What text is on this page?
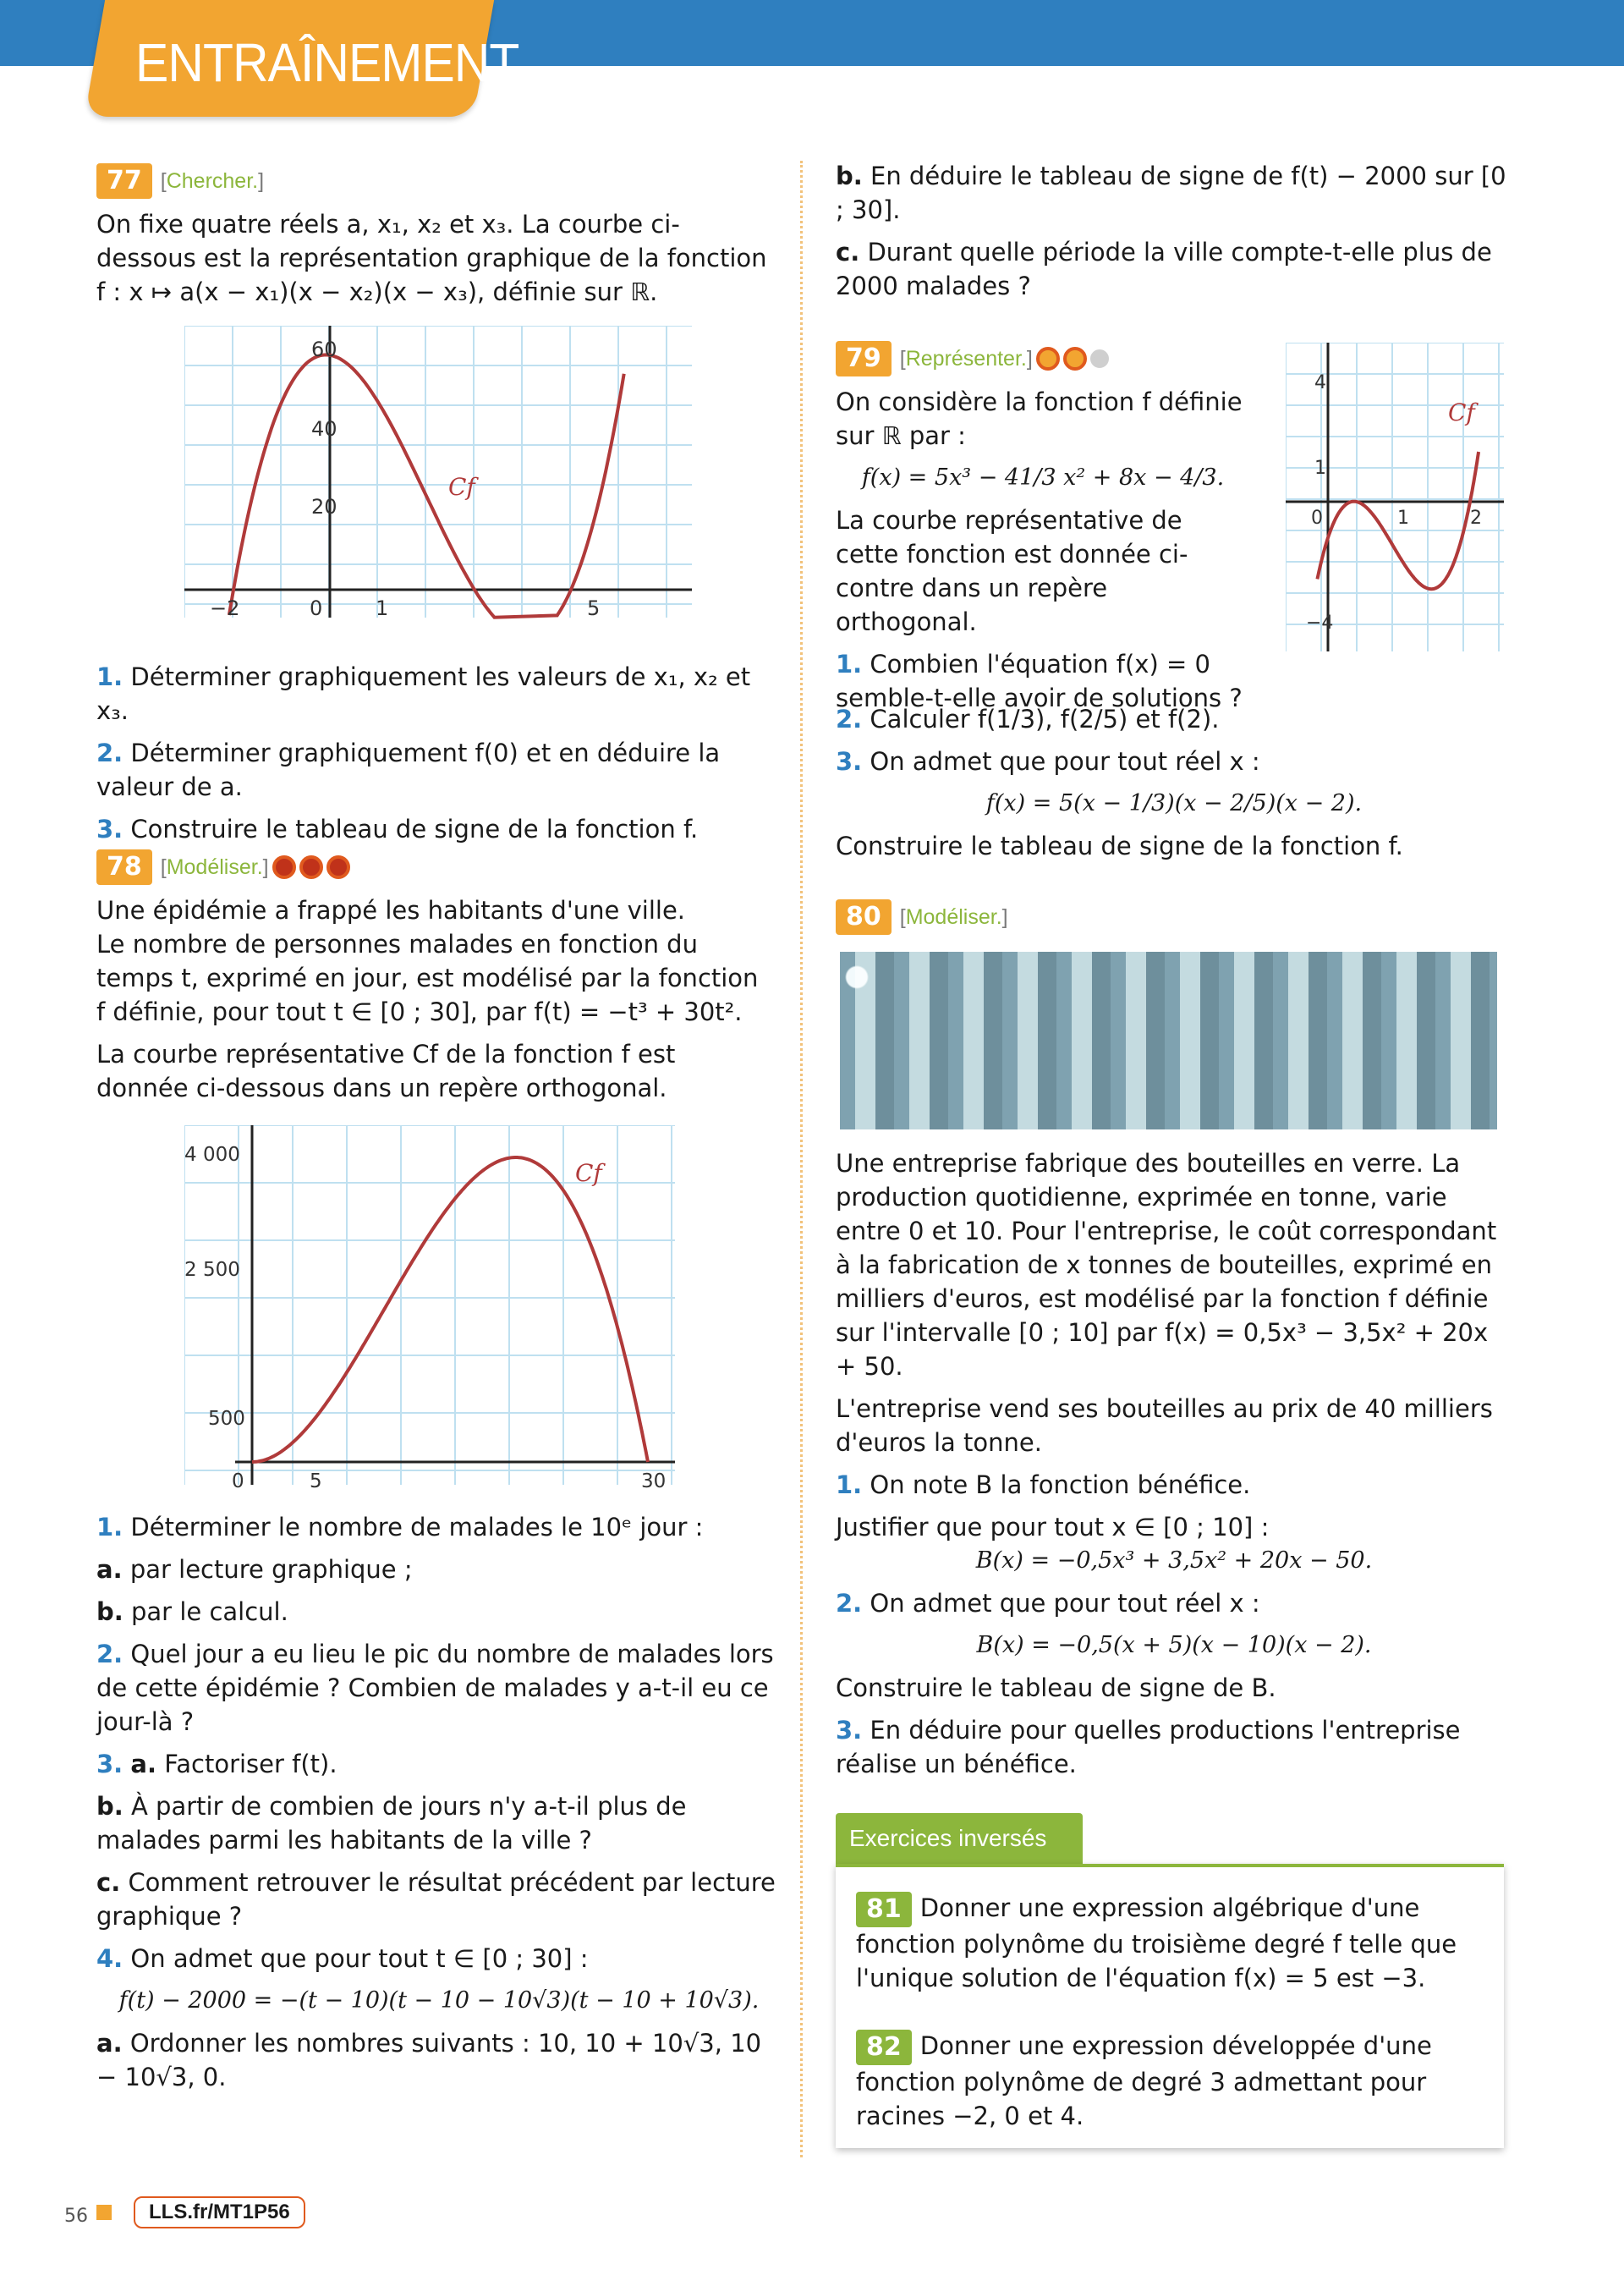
ENTRAÎNEMENT

77 [Chercher.]

On fixe quatre réels a, x₁, x₂ et x₃. La courbe ci-dessous est la représentation graphique de la fonction

f : x ↦ a(x − x₁)(x − x₂)(x − x₃), définie sur ℝ.

60
40
20
−2	0	1	5
Cf

1. Déterminer graphiquement les valeurs de x₁, x₂ et x₃.

2. Déterminer graphiquement f(0) et en déduire la valeur de a.

3. Construire le tableau de signe de la fonction f.

78 [Modéliser.]

Une épidémie a frappé les habitants d'une ville.

Le nombre de personnes malades en fonction du temps t, exprimé en jour, est modélisé par la fonction f définie, pour tout t ∈ [0 ; 30], par f(t) = −t³ + 30t².

La courbe représentative Cf de la fonction f est donnée ci-dessous dans un repère orthogonal.

4 000
2 500
500
0	5	30
Cf

1. Déterminer le nombre de malades le 10ᵉ jour :

a. par lecture graphique ;

b. par le calcul.

2. Quel jour a eu lieu le pic du nombre de malades lors de cette épidémie ? Combien de malades y a-t-il eu ce jour-là ?

3. a. Factoriser f(t).

b. À partir de combien de jours n'y a-t-il plus de malades parmi les habitants de la ville ?

c. Comment retrouver le résultat précédent par lecture graphique ?

4. On admet que pour tout t ∈ [0 ; 30] :

f(t) − 2000 = −(t − 10)(t − 10 − 10√3)(t − 10 + 10√3).

a. Ordonner les nombres suivants : 10, 10 + 10√3, 10 − 10√3, 0.

b. En déduire le tableau de signe de f(t) − 2000 sur [0 ; 30].

c. Durant quelle période la ville compte-t-elle plus de 2000 malades ?

79 [Représenter.]

On considère la fonction f définie sur ℝ par :

f(x) = 5x³ − 41/3 x² + 8x − 4/3.

La courbe représentative de cette fonction est donnée ci-contre dans un repère orthogonal.

1. Combien l'équation f(x) = 0 semble-t-elle avoir de solutions ?

4
1
−4
0	1	2
Cf

2. Calculer f(1/3), f(2/5) et f(2).

3. On admet que pour tout réel x :

f(x) = 5(x − 1/3)(x − 2/5)(x − 2).

Construire le tableau de signe de la fonction f.

80 [Modéliser.]

Une entreprise fabrique des bouteilles en verre. La production quotidienne, exprimée en tonne, varie entre 0 et 10. Pour l'entreprise, le coût correspondant à la fabrication de x tonnes de bouteilles, exprimé en milliers d'euros, est modélisé par la fonction f définie sur l'intervalle [0 ; 10] par f(x) = 0,5x³ − 3,5x² + 20x + 50.

L'entreprise vend ses bouteilles au prix de 40 milliers d'euros la tonne.

1. On note B la fonction bénéfice.

Justifier que pour tout x ∈ [0 ; 10] :

B(x) = −0,5x³ + 3,5x² + 20x − 50.

2. On admet que pour tout réel x :

B(x) = −0,5(x + 5)(x − 10)(x − 2).

Construire le tableau de signe de B.

3. En déduire pour quelles productions l'entreprise réalise un bénéfice.

Exercices inversés

81 Donner une expression algébrique d'une fonction polynôme du troisième degré f telle que l'unique solution de l'équation f(x) = 5 est −3.

82 Donner une expression développée d'une fonction polynôme de degré 3 admettant pour racines −2, 0 et 4.

56	LLS.fr/MT1P56
